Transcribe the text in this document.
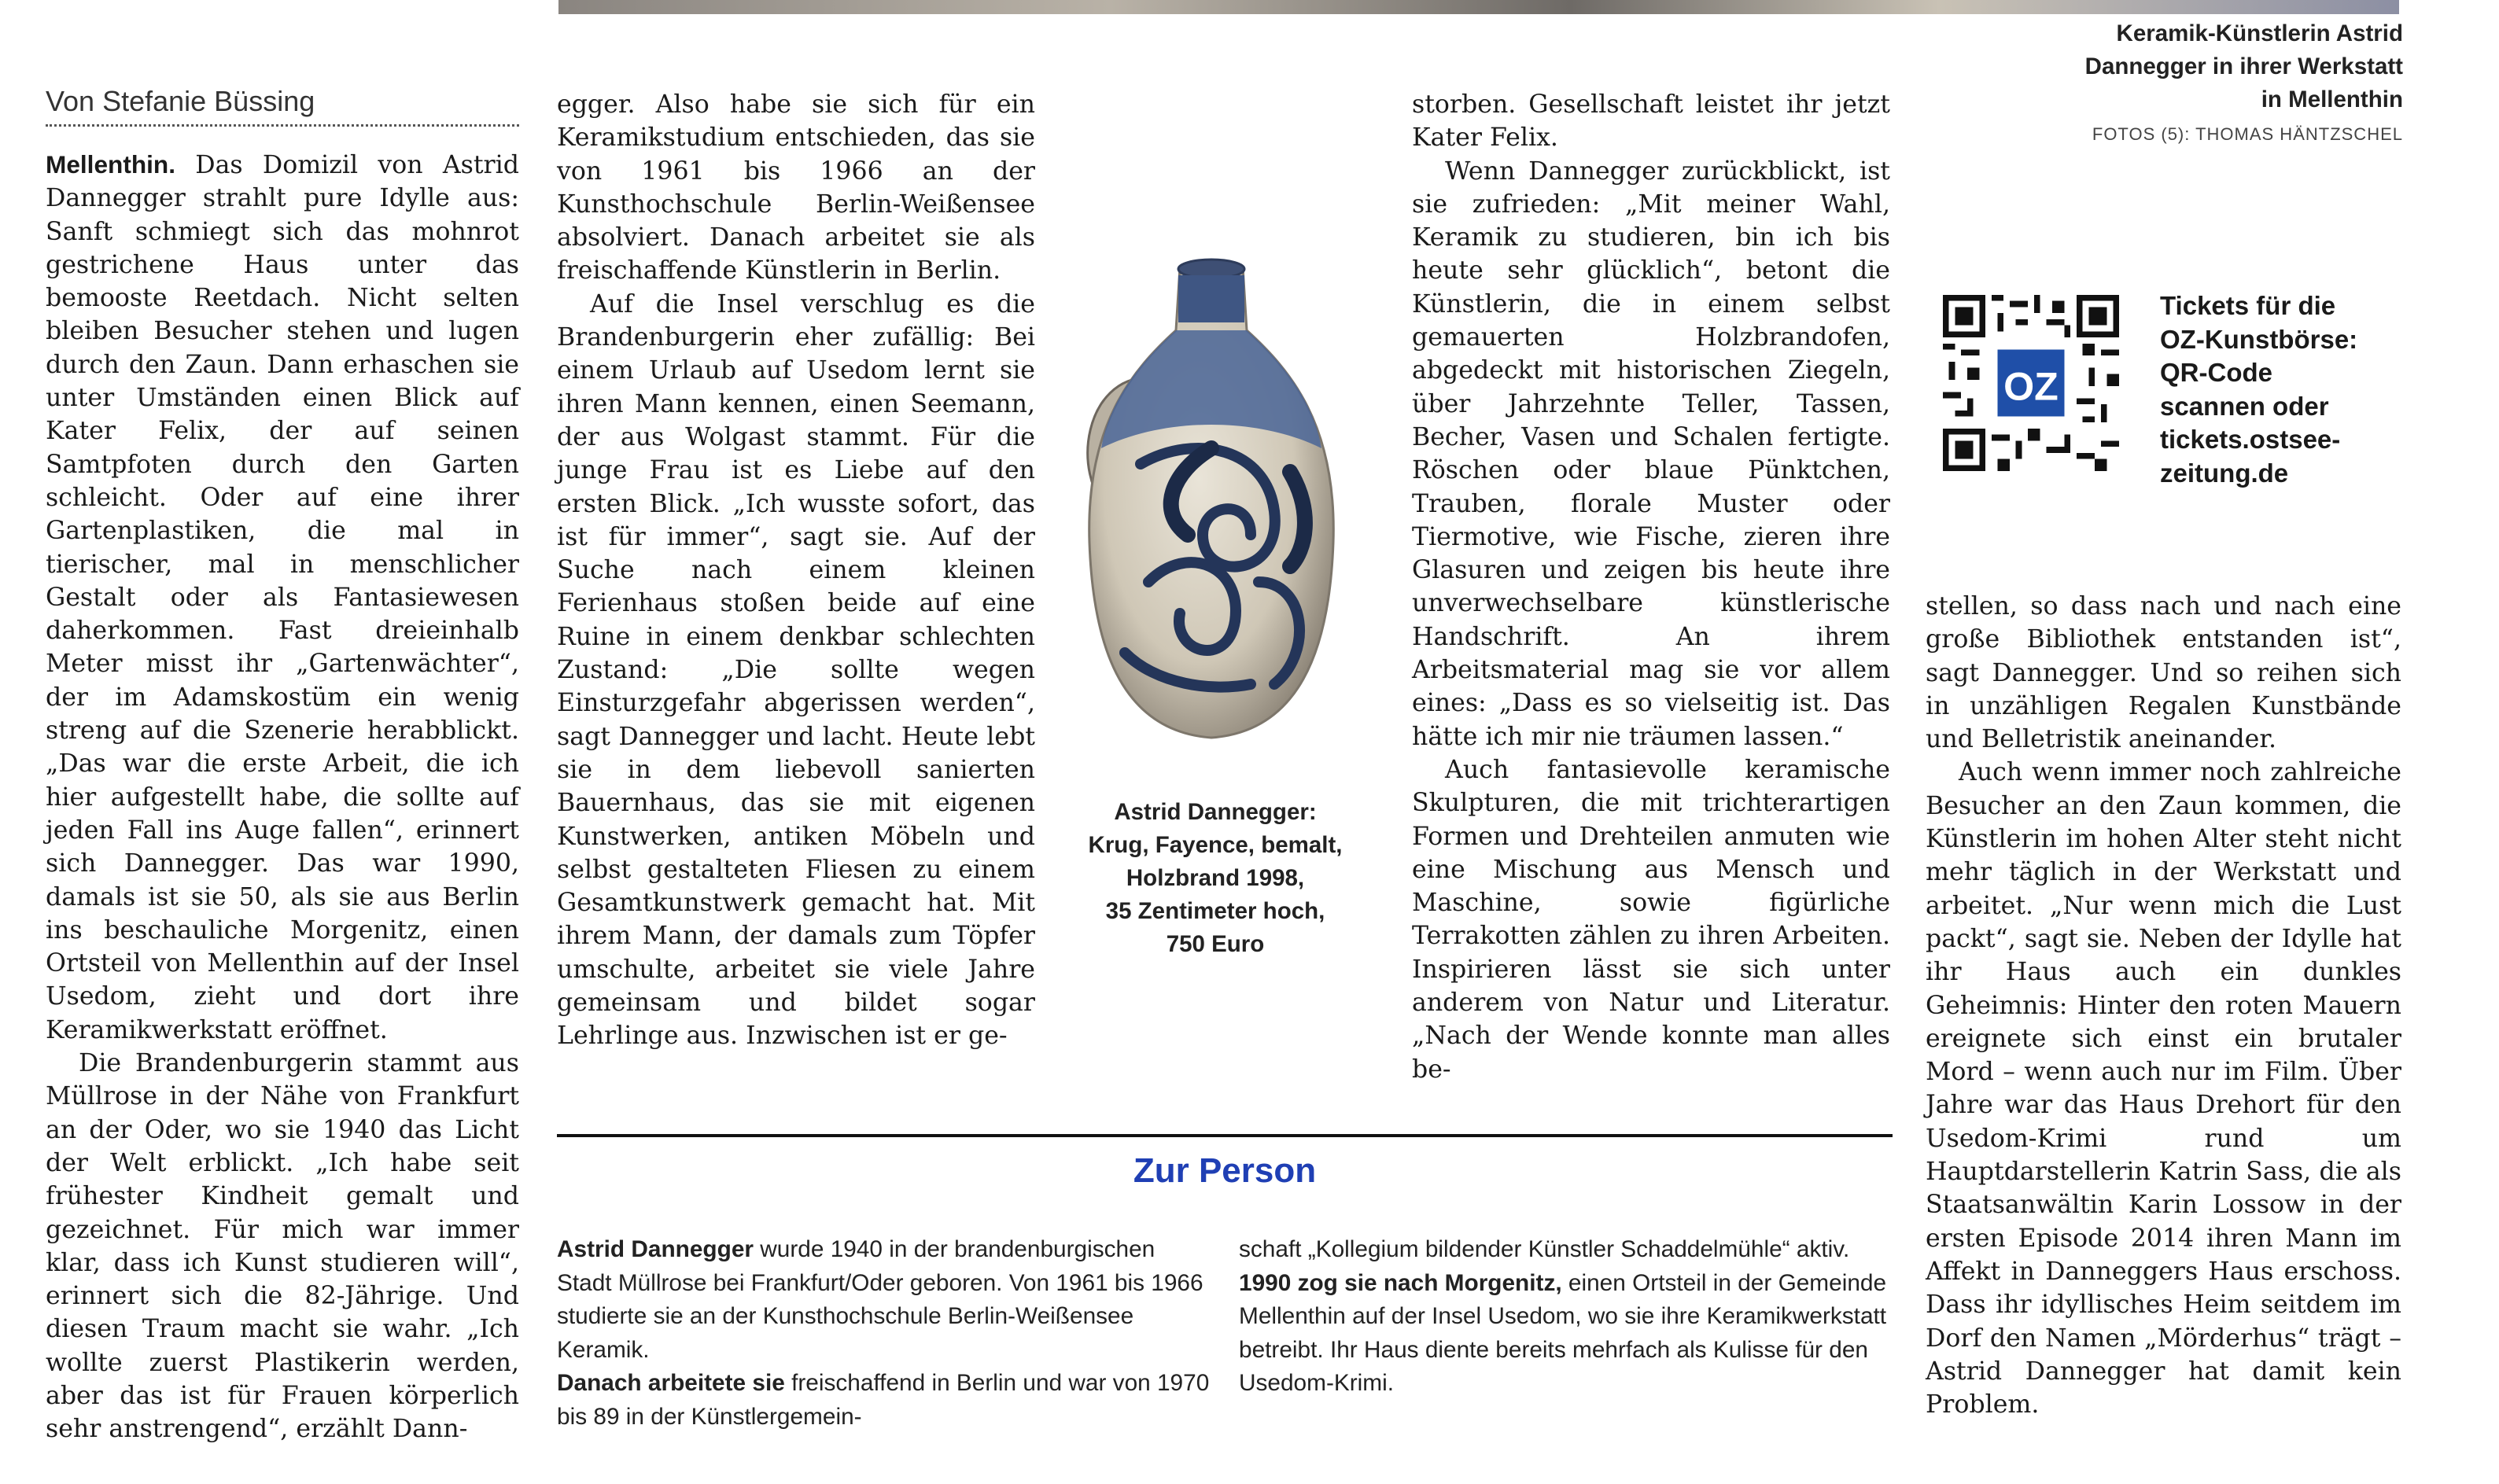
Von Stefanie Büssing

Mellenthin. Das Domizil von Astrid Dannegger strahlt pure Idylle aus: Sanft schmiegt sich das mohnrot gestrichene Haus unter das bemooste Reetdach. Nicht selten bleiben Besucher stehen und lugen durch den Zaun. Dann erhaschen sie unter Umständen einen Blick auf Kater Felix, der auf seinen Samtpfoten durch den Garten schleicht. Oder auf eine ihrer Gartenplastiken, die mal in tierischer, mal in menschlicher Gestalt oder als Fantasiewesen daherkommen. Fast dreieinhalb Meter misst ihr „Gartenwächter“, der im Adamskostüm ein wenig streng auf die Szenerie herabblickt. „Das war die erste Arbeit, die ich hier aufgestellt habe, die sollte auf jeden Fall ins Auge fallen“, erinnert sich Dannegger. Das war 1990, damals ist sie 50, als sie aus Berlin ins beschauliche Morgenitz, einen Ortsteil von Mellenthin auf der Insel Usedom, zieht und dort ihre Keramikwerkstatt eröffnet.

Die Brandenburgerin stammt aus Müllrose in der Nähe von Frankfurt an der Oder, wo sie 1940 das Licht der Welt erblickt. „Ich habe seit frühester Kindheit gemalt und gezeichnet. Für mich war immer klar, dass ich Kunst studieren will“, erinnert sich die 82-Jährige. Und diesen Traum macht sie wahr. „Ich wollte zuerst Plastikerin werden, aber das ist für Frauen körperlich sehr anstrengend“, erzählt Dann-

egger. Also habe sie sich für ein Keramikstudium entschieden, das sie von 1961 bis 1966 an der Kunsthochschule Berlin-Weißensee absolviert. Danach arbeitet sie als freischaffende Künstlerin in Berlin.

Auf die Insel verschlug es die Brandenburgerin eher zufällig: Bei einem Urlaub auf Usedom lernt sie ihren Mann kennen, einen Seemann, der aus Wolgast stammt. Für die junge Frau ist es Liebe auf den ersten Blick. „Ich wusste sofort, das ist für immer“, sagt sie. Auf der Suche nach einem kleinen Ferienhaus stoßen beide auf eine Ruine in einem denkbar schlechten Zustand: „Die sollte wegen Einsturzgefahr abgerissen werden“, sagt Dannegger und lacht. Heute lebt sie in dem liebevoll sanierten Bauernhaus, das sie mit eigenen Kunstwerken, antiken Möbeln und selbst gestalteten Fliesen zu einem Gesamtkunstwerk gemacht hat. Mit ihrem Mann, der damals zum Töpfer umschulte, arbeitet sie viele Jahre gemeinsam und bildet sogar Lehrlinge aus. Inzwischen ist er ge-

Astrid Dannegger:
Krug, Fayence, bemalt,
Holzbrand 1998,
35 Zentimeter hoch,
750 Euro

storben. Gesellschaft leistet ihr jetzt Kater Felix.

Wenn Dannegger zurückblickt, ist sie zufrieden: „Mit meiner Wahl, Keramik zu studieren, bin ich bis heute sehr glücklich“, betont die Künstlerin, die in einem selbst gemauerten Holzbrandofen, abgedeckt mit historischen Ziegeln, über Jahrzehnte Teller, Tassen, Becher, Vasen und Schalen fertigte. Röschen oder blaue Pünktchen, Trauben, florale Muster oder Tiermotive, wie Fische, zieren ihre Glasuren und zeigen bis heute ihre unverwechselbare künstlerische Handschrift. An ihrem Arbeitsmaterial mag sie vor allem eines: „Dass es so vielseitig ist. Das hätte ich mir nie träumen lassen.“

Auch fantasievolle keramische Skulpturen, die mit trichterartigen Formen und Drehteilen anmuten wie eine Mischung aus Mensch und Maschine, sowie figürliche Terrakotten zählen zu ihren Arbeiten. Inspirieren lässt sie sich unter anderem von Natur und Literatur. „Nach der Wende konnte man alles be-

Keramik-Künstlerin Astrid
Dannegger in ihrer Werkstatt
in Mellenthin
FOTOS (5): THOMAS HÄNTZSCHEL
OZ
Tickets für die
OZ-Kunstbörse:
QR-Code
scannen oder
tickets.ostsee-
zeitung.de

stellen, so dass nach und nach eine große Bibliothek entstanden ist“, sagt Dannegger. Und so reihen sich in unzähligen Regalen Kunstbände und Belletristik aneinander.

Auch wenn immer noch zahlreiche Besucher an den Zaun kommen, die Künstlerin im hohen Alter steht nicht mehr täglich in der Werkstatt und arbeitet. „Nur wenn mich die Lust packt“, sagt sie. Neben der Idylle hat ihr Haus auch ein dunkles Geheimnis: Hinter den roten Mauern ereignete sich einst ein brutaler Mord – wenn auch nur im Film. Über Jahre war das Haus Drehort für den Usedom-Krimi rund um Hauptdarstellerin Katrin Sass, die als Staatsanwältin Karin Lossow in der ersten Episode 2014 ihren Mann im Affekt in Danneggers Haus erschoss. Dass ihr idyllisches Heim seitdem im Dorf den Namen „Mörderhus“ trägt – Astrid Dannegger hat damit kein Problem.

Zur Person

Astrid Dannegger wurde 1940 in der brandenburgischen Stadt Müllrose bei Frankfurt/Oder geboren. Von 1961 bis 1966 studierte sie an der Kunsthochschule Berlin-Weißensee Keramik.

Danach arbeitete sie freischaffend in Berlin und war von 1970 bis 89 in der Künstlergemein-

schaft „Kollegium bildender Künstler Schaddelmühle“ aktiv.

1990 zog sie nach Morgenitz, einen Ortsteil in der Gemeinde Mellenthin auf der Insel Usedom, wo sie ihre Keramikwerkstatt betreibt. Ihr Haus diente bereits mehrfach als Kulisse für den Usedom-Krimi.
